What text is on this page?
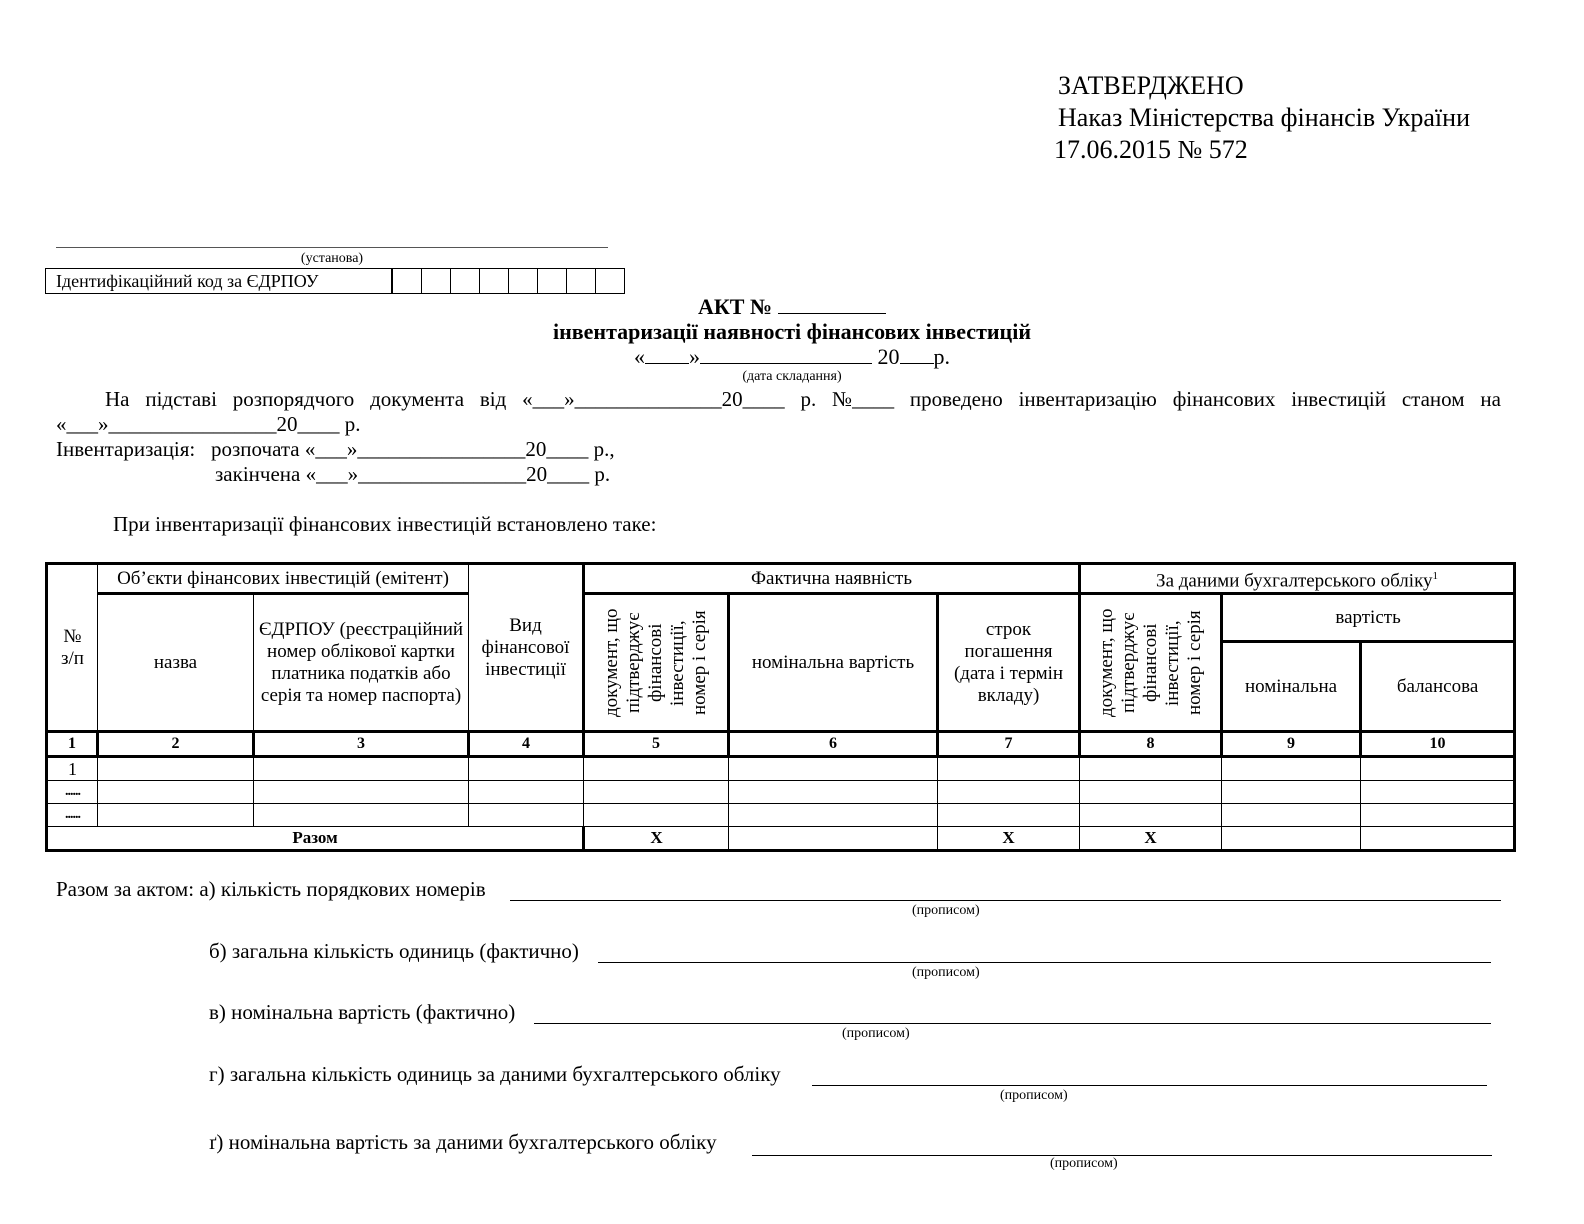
ЗАТВЕРДЖЕНО
Наказ Міністерства фінансів України
17.06.2015 № 572
(установа)
Ідентифікаційний код за ЄДРПОУ
АКТ №
інвентаризації наявності фінансових інвестицій
« »	20 р.
(дата складання)
На підставі розпорядчого документа від «___»______________20____ р. №____ проведено інвентаризацію фінансових інвестицій станом на
«___»________________20____ р.
Інвентаризація: розпочата «___»________________20____ р.,
закінчена «___»________________20____ р.
При інвентаризації фінансових інвестицій встановлено таке:
№
з/п	Об’єкти фінансових інвестицій (емітент)		Вид фінансової інвестиції	Фактична наявність			За даними бухгалтерського обліку$^1$
	назва	ЄДРПОУ (реєстраційний номер облікової картки платника податків або серія та номер паспорта)		документ, що підтверджує фінансові інвестиції, номер і серія	номінальна вартість	строк погашення (дата і термін вкладу)	документ, що підтверджує фінансові інвестиції, номер і серія	вартість	
								номінальна	балансова
1	2	3	4	5	6	7	8	9	10
1									
......									
......									
Разом				X		X	X		
Разом за актом: а) кількість порядкових номерів
(прописом)
б) загальна кількість одиниць (фактично)
(прописом)
в) номінальна вартість (фактично)
(прописом)
г) загальна кількість одиниць за даними бухгалтерського обліку
(прописом)
ґ) номінальна вартість за даними бухгалтерського обліку
(прописом)
